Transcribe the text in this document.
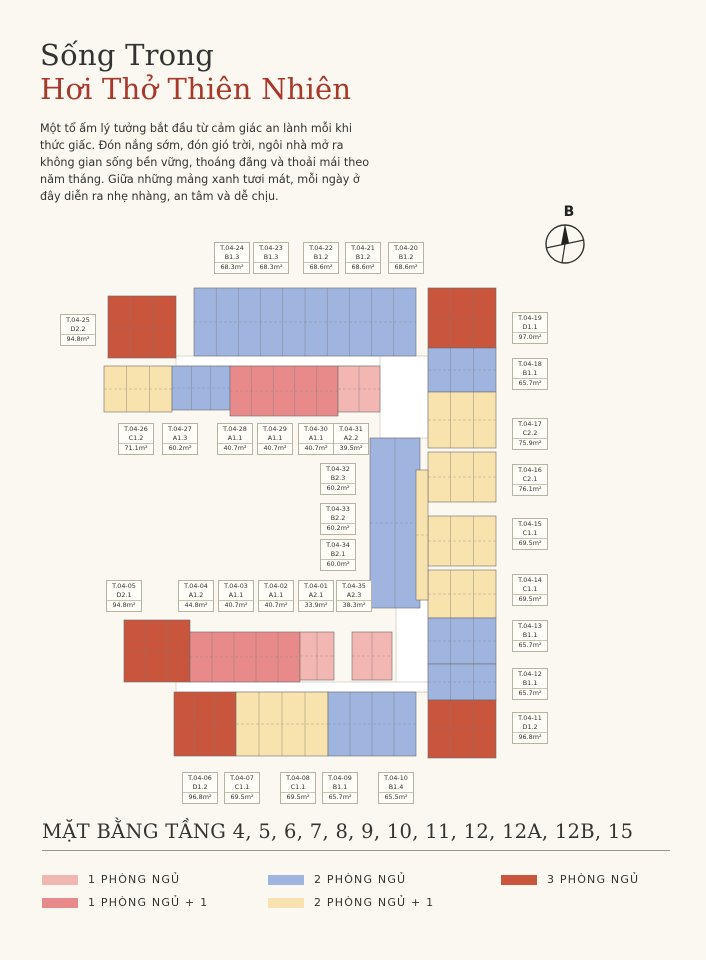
Sống Trong
Hơi Thở Thiên Nhiên
Một tổ ấm lý tưởng bắt đầu từ cảm giác an lành mỗi khi thức giấc. Đón nắng sớm, đón gió trời, ngôi nhà mở ra không gian sống bền vững, thoáng đãng và thoải mái theo năm tháng. Giữa những mảng xanh tươi mát, mỗi ngày ở đây diễn ra nhẹ nhàng, an tâm và dễ chịu.
B
T.04-24
B1.3
68.3m²
T.04-23
B1.3
68.3m²
T.04-22
B1.2
68.6m²
T.04-21
B1.2
68.6m²
T.04-20
B1.2
68.6m²
T.04-25
D2.2
94.8m²
T.04-19
D1.1
97.0m²
T.04-18
B1.1
65.7m²
T.04-26
C1.2
71.1m²
T.04-27
A1.3
60.2m²
T.04-28
A1.1
40.7m²
T.04-29
A1.1
40.7m²
T.04-30
A1.1
40.7m²
T.04-31
A2.2
39.5m²
T.04-17
C2.2
75.9m²
T.04-16
C2.1
76.1m²
T.04-32
B2.3
60.2m²
T.04-33
B2.2
60.2m²	T.04-15
C1.1
69.5m²
T.04-34
B2.1
60.0m²
T.04-05
D2.1
94.8m²
T.04-04
A1.2
44.8m²
T.04-03
A1.1
40.7m²
T.04-02
A1.1
40.7m²
T.04-01
A2.1
33.9m²
T.04-35
A2.3
38.3m²
T.04-14
C1.1
69.5m²
T.04-13
B1.1
65.7m²
T.04-12
B1.1
65.7m²
T.04-11
D1.2
96.8m²
T.04-06
D1.2
96.8m²
T.04-07
C1.1
69.5m²
T.04-08
C1.1
69.5m²
T.04-09
B1.1
65.7m²
T.04-10
B1.4
65.5m²
MẶT BẰNG TẦNG 4, 5, 6, 7, 8, 9, 10, 11, 12, 12A, 12B, 15
1 PHÒNG NGỦ	2 PHÒNG NGỦ	3 PHÒNG NGỦ
1 PHÒNG NGỦ + 1	2 PHÒNG NGỦ + 1
